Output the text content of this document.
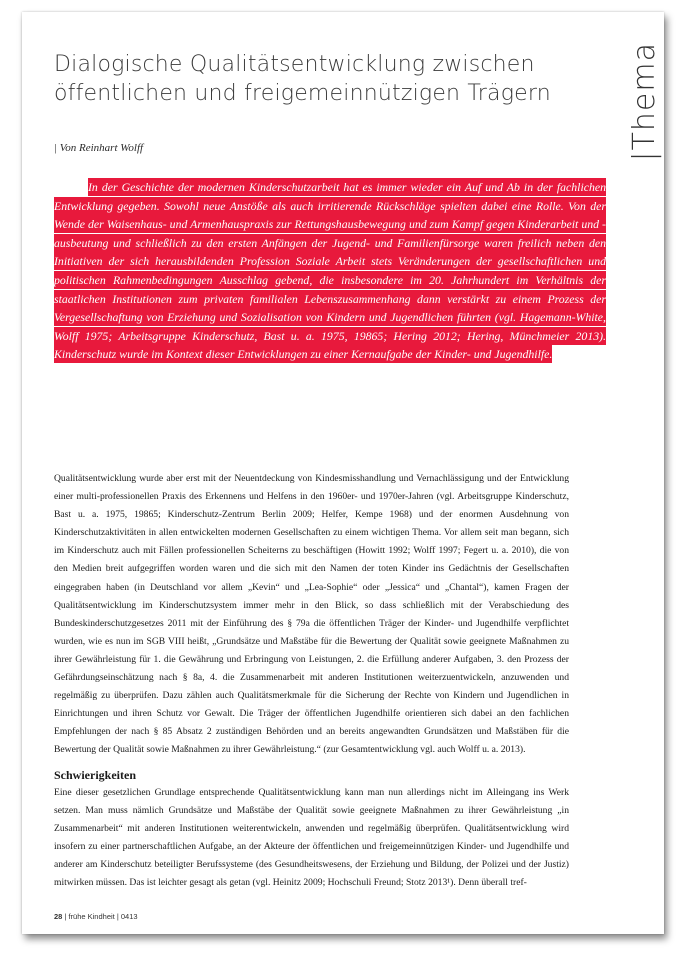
Dialogische Qualitätsentwicklung zwischen öffentlichen und freigemeinnützigen Trägern
| Von Reinhart Wolff
|Thema

In der Geschichte der modernen Kinderschutzarbeit hat es immer wieder ein Auf und Ab in der fachlichen Entwicklung gegeben. Sowohl neue Anstöße als auch irritierende Rückschläge spielten dabei eine Rolle. Von der Wende der Waisenhaus- und Armenhauspraxis zur Rettungshausbewegung und zum Kampf gegen Kinderarbeit und -ausbeutung und schließlich zu den ersten Anfängen der Jugend- und Familienfürsorge waren freilich neben den Initiativen der sich herausbildenden Profession Soziale Arbeit stets Veränderungen der gesellschaftlichen und politischen Rahmenbedingungen Ausschlag gebend, die insbesondere im 20. Jahrhundert im Verhältnis der staatlichen Institutionen zum privaten familialen Lebenszusammenhang dann verstärkt zu einem Prozess der Vergesellschaftung von Erziehung und Sozialisation von Kindern und Jugendlichen führten (vgl. Hagemann-White, Wolff 1975; Arbeitsgruppe Kinderschutz, Bast u. a. 1975, 19865; Hering 2012; Hering, Münchmeier 2013). Kinderschutz wurde im Kontext dieser Entwicklungen zu einer Kernaufgabe der Kinder- und Jugendhilfe.

Qualitätsentwicklung wurde aber erst mit der Neuentdeckung von Kindesmisshandlung und Vernachlässigung und der Entwicklung einer multi-professionellen Praxis des Erkennens und Helfens in den 1960er- und 1970er-Jahren (vgl. Arbeitsgruppe Kinderschutz, Bast u. a. 1975, 19865; Kinderschutz-Zentrum Berlin 2009; Helfer, Kempe 1968) und der enormen Ausdehnung von Kinderschutzaktivitäten in allen entwickelten modernen Gesellschaften zu einem wichtigen Thema. Vor allem seit man begann, sich im Kinderschutz auch mit Fällen professionellen Scheiterns zu beschäftigen (Howitt 1992; Wolff 1997; Fegert u. a. 2010), die von den Medien breit aufgegriffen worden waren und die sich mit den Namen der toten Kinder ins Gedächtnis der Gesellschaften eingegraben haben (in Deutschland vor allem „Kevin“ und „Lea-Sophie“ oder „Jessica“ und „Chantal“), kamen Fragen der Qualitätsentwicklung im Kinderschutzsystem immer mehr in den Blick, so dass schließlich mit der Verabschiedung des Bundeskinderschutzgesetzes 2011 mit der Einführung des § 79a die öffentlichen Träger der Kinder- und Jugendhilfe verpflichtet wurden, wie es nun im SGB VIII heißt, „Grundsätze und Maßstäbe für die Bewertung der Qualität sowie geeignete Maßnahmen zu ihrer Gewährleistung für 1. die Gewährung und Erbringung von Leistungen, 2. die Erfüllung anderer Aufgaben, 3. den Prozess der Gefährdungseinschätzung nach § 8a, 4. die Zusammenarbeit mit anderen Institutionen weiterzuentwickeln, anzuwenden und regelmäßig zu überprüfen. Dazu zählen auch Qualitätsmerkmale für die Sicherung der Rechte von Kindern und Jugendlichen in Einrichtungen und ihren Schutz vor Gewalt. Die Träger der öffentlichen Jugendhilfe orientieren sich dabei an den fachlichen Empfehlungen der nach § 85 Absatz 2 zuständigen Behörden und an bereits angewandten Grundsätzen und Maßstäben für die Bewertung der Qualität sowie Maßnahmen zu ihrer Gewährleistung.“ (zur Gesamtentwicklung vgl. auch Wolff u. a. 2013).

Schwierigkeiten

Eine dieser gesetzlichen Grundlage entsprechende Qualitätsentwicklung kann man nun allerdings nicht im Alleingang ins Werk setzen. Man muss nämlich Grundsätze und Maßstäbe der Qualität sowie geeignete Maßnahmen zu ihrer Gewährleistung „in Zusammenarbeit“ mit anderen Institutionen weiterentwickeln, anwenden und regelmäßig überprüfen. Qualitätsentwicklung wird insofern zu einer partnerschaftlichen Aufgabe, an der Akteure der öffentlichen und freigemeinnützigen Kinder- und Jugendhilfe und anderer am Kinderschutz beteiligter Berufssysteme (des Gesundheitswesens, der Erziehung und Bildung, der Polizei und der Justiz) mitwirken müssen. Das ist leichter gesagt als getan (vgl. Heinitz 2009; Hochschuli Freund; Stotz 2013¹). Denn überall tref-

28 | frühe Kindheit | 0413
